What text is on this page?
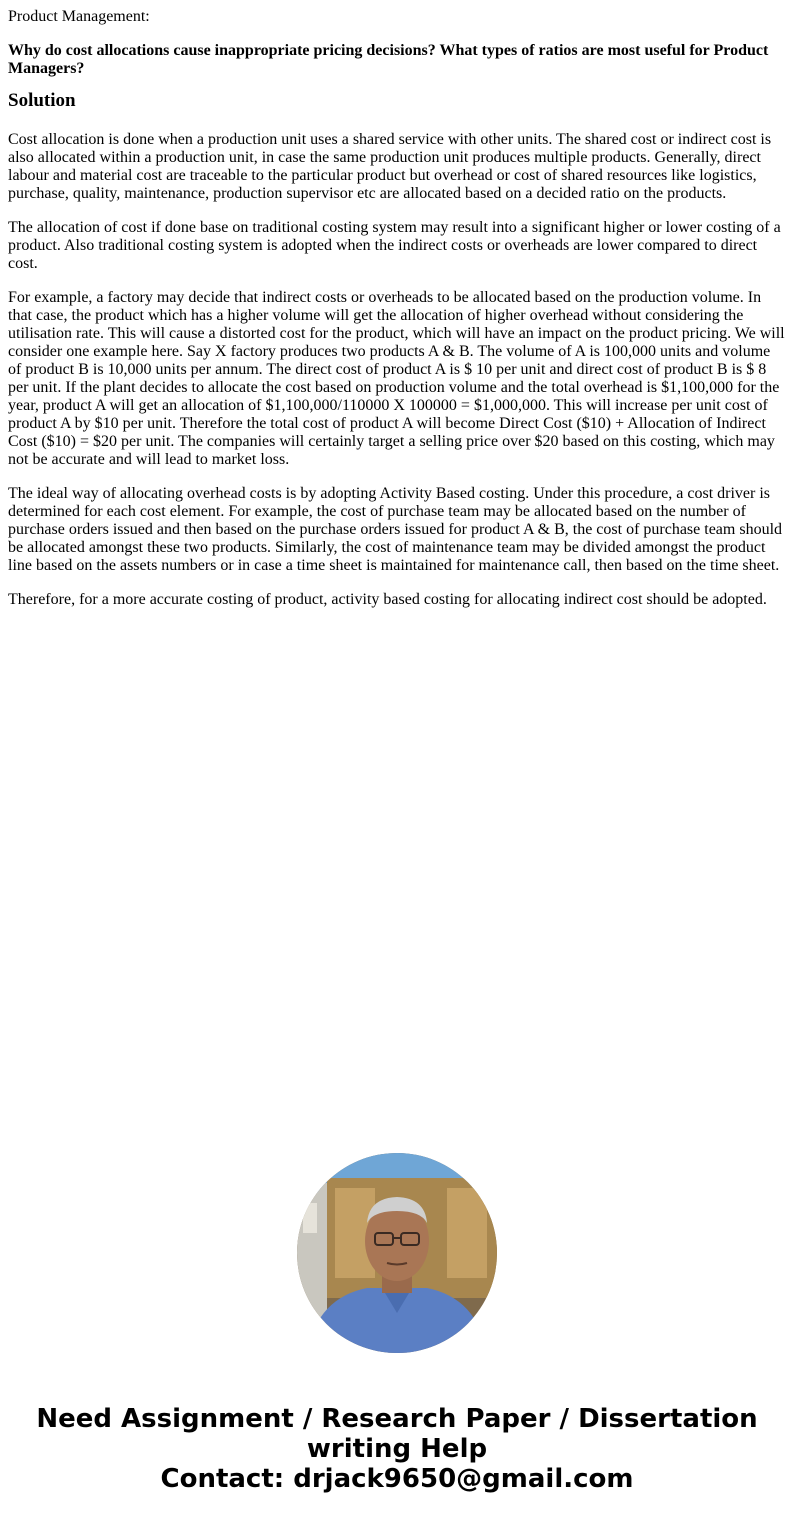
Product Management:

Why do cost allocations cause inappropriate pricing decisions? What types of ratios are most useful for Product Managers?
Solution

Cost allocation is done when a production unit uses a shared service with other units. The shared cost or indirect cost is also allocated within a production unit, in case the same production unit produces multiple products. Generally, direct labour and material cost are traceable to the particular product but overhead or cost of shared resources like logistics, purchase, quality, maintenance, production supervisor etc are allocated based on a decided ratio on the products.

The allocation of cost if done base on traditional costing system may result into a significant higher or lower costing of a product. Also traditional costing system is adopted when the indirect costs or overheads are lower compared to direct cost.

For example, a factory may decide that indirect costs or overheads to be allocated based on the production volume. In that case, the product which has a higher volume will get the allocation of higher overhead without considering the utilisation rate. This will cause a distorted cost for the product, which will have an impact on the product pricing. We will consider one example here. Say X factory produces two products A & B. The volume of A is 100,000 units and volume of product B is 10,000 units per annum. The direct cost of product A is $ 10 per unit and direct cost of product B is $ 8 per unit. If the plant decides to allocate the cost based on production volume and the total overhead is $1,100,000 for the year, product A will get an allocation of $1,100,000/110000 X 100000 = $1,000,000. This will increase per unit cost of product A by $10 per unit. Therefore the total cost of product A will become Direct Cost ($10) + Allocation of Indirect Cost ($10) = $20 per unit. The companies will certainly target a selling price over $20 based on this costing, which may not be accurate and will lead to market loss.

The ideal way of allocating overhead costs is by adopting Activity Based costing. Under this procedure, a cost driver is determined for each cost element. For example, the cost of purchase team may be allocated based on the number of purchase orders issued and then based on the purchase orders issued for product A & B, the cost of purchase team should be allocated amongst these two products. Similarly, the cost of maintenance team may be divided amongst the product line based on the assets numbers or in case a time sheet is maintained for maintenance call, then based on the time sheet.

Therefore, for a more accurate costing of product, activity based costing for allocating indirect cost should be adopted.

Need Assignment / Research Paper / Dissertation
writing Help
Contact: drjack9650@gmail.com
